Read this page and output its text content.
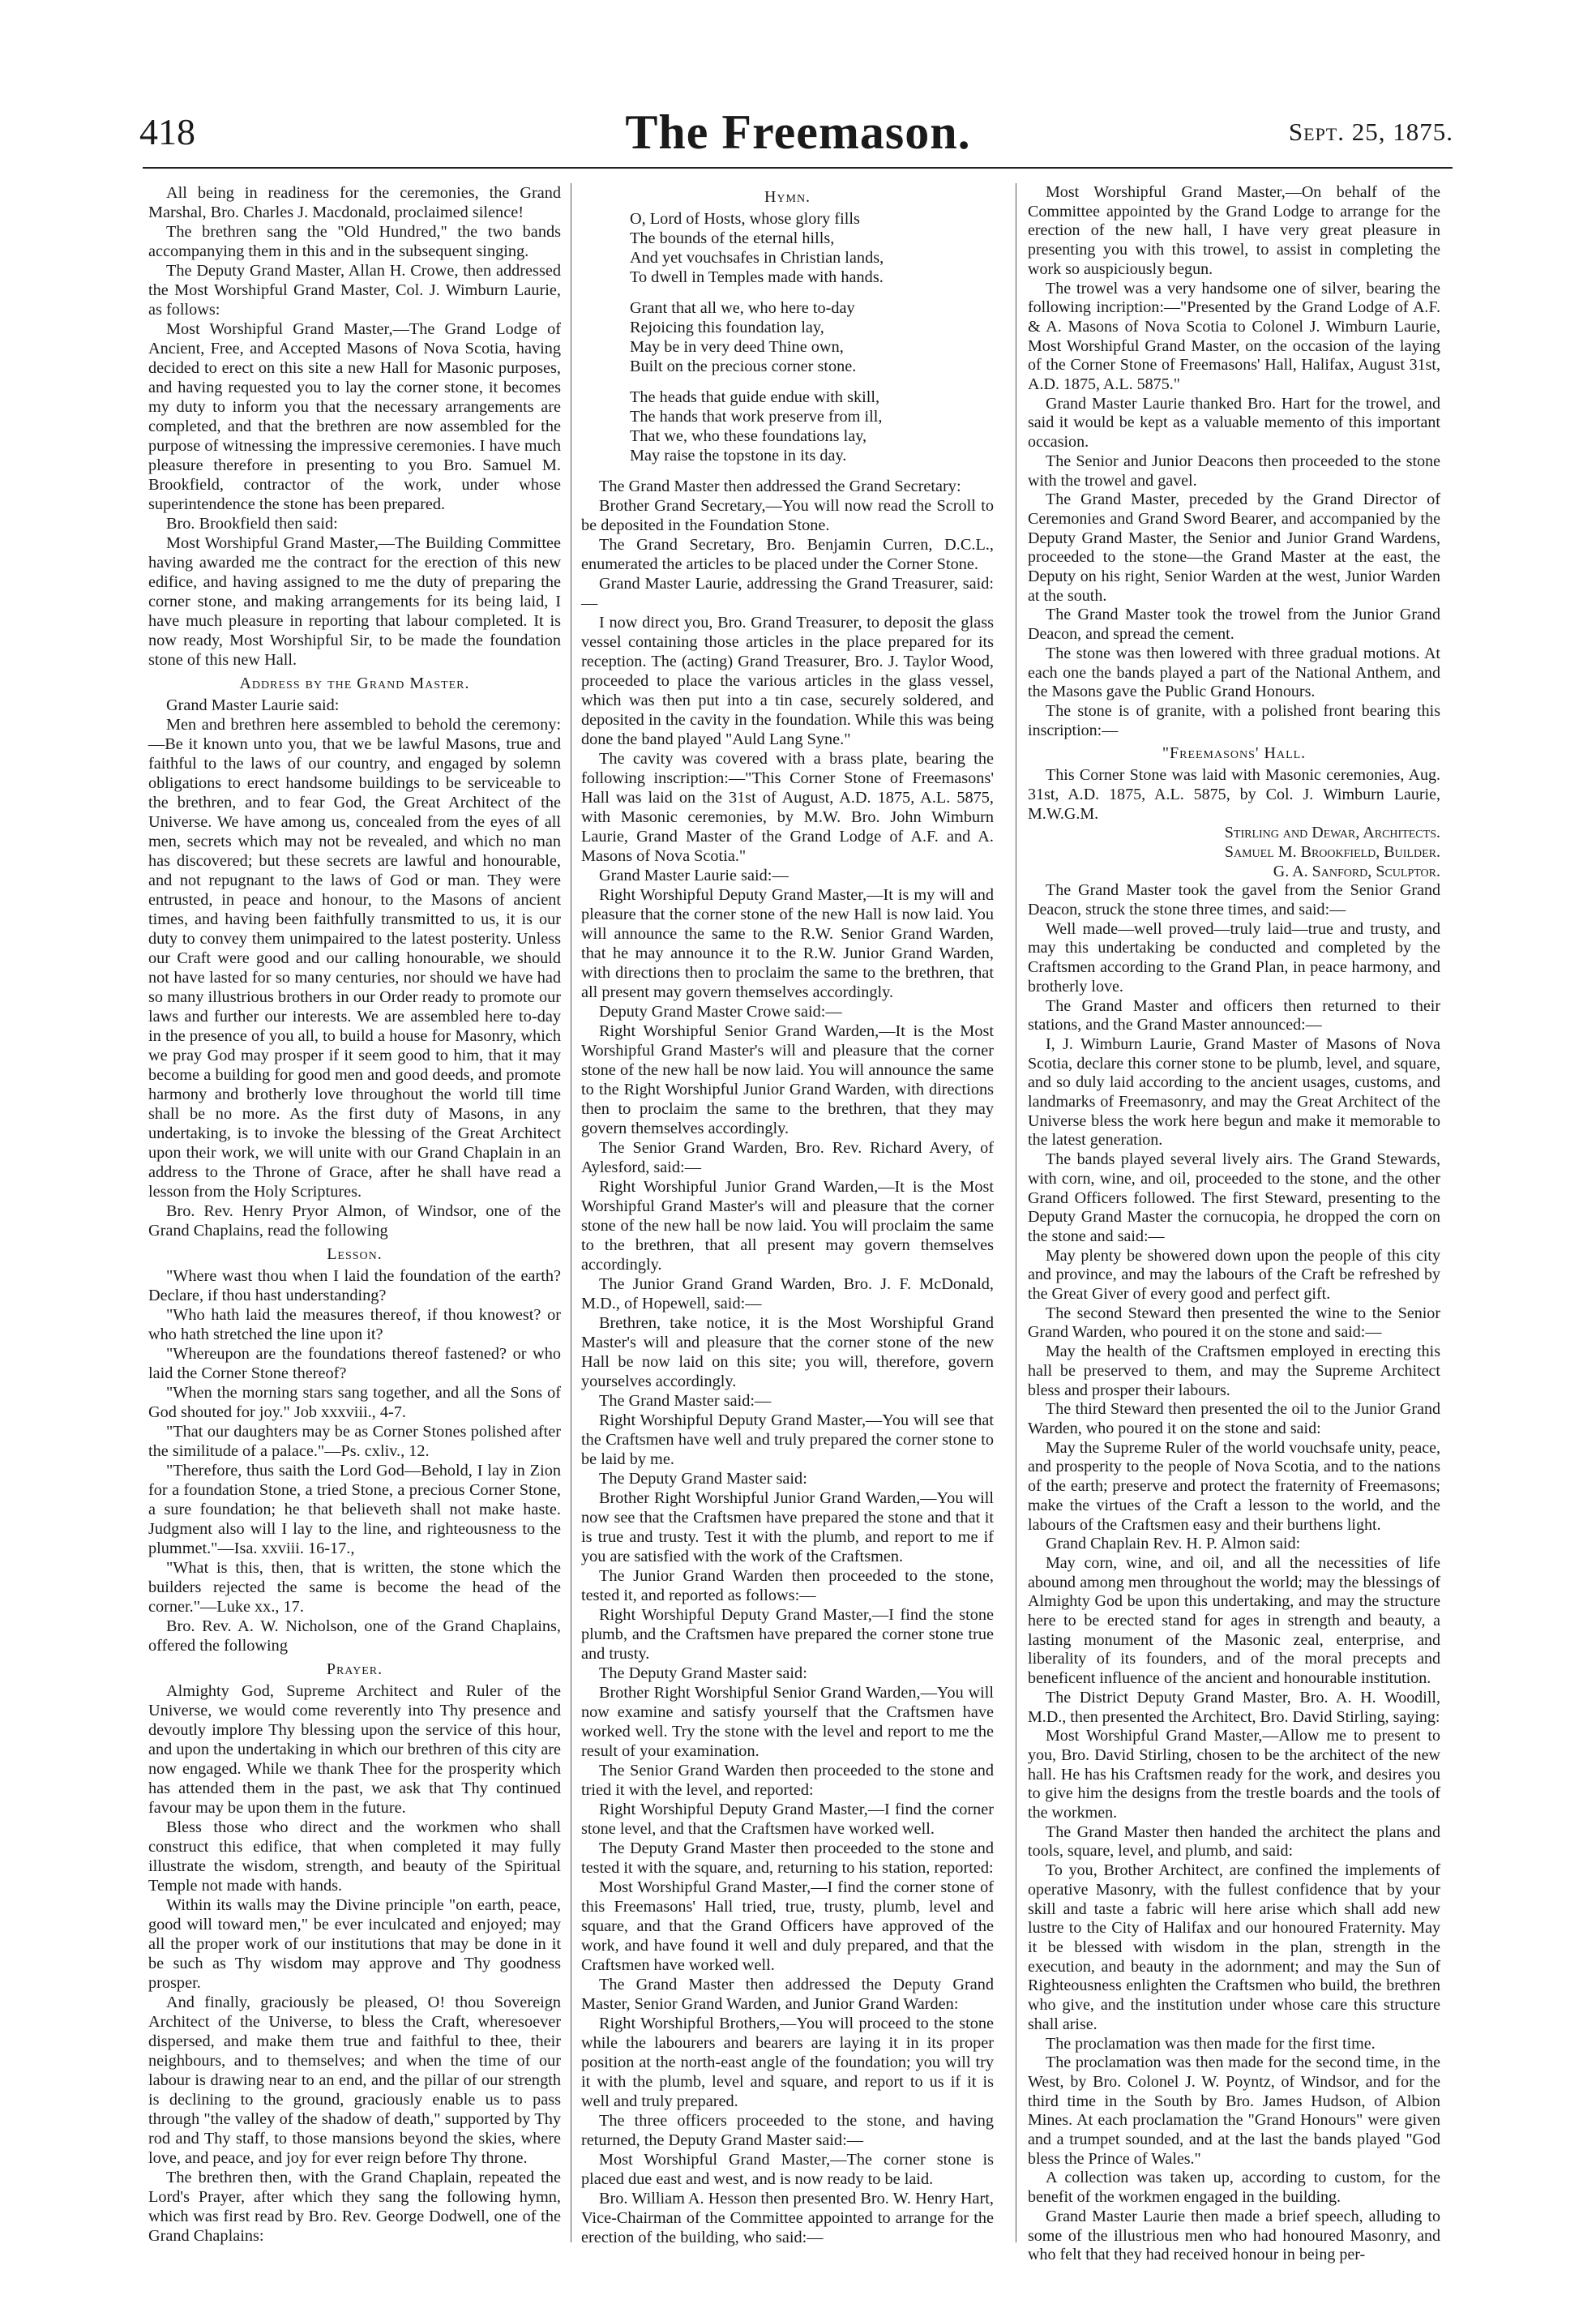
418	The Freemason.	Sept. 25, 1875.

All being in readiness for the ceremonies, the Grand Marshal, Bro. Charles J. Macdonald, proclaimed silence!

The brethren sang the "Old Hundred," the two bands accompanying them in this and in the subsequent singing.

The Deputy Grand Master, Allan H. Crowe, then addressed the Most Worshipful Grand Master, Col. J. Wimburn Laurie, as follows:

Most Worshipful Grand Master,—The Grand Lodge of Ancient, Free, and Accepted Masons of Nova Scotia, having decided to erect on this site a new Hall for Masonic purposes, and having requested you to lay the corner stone, it becomes my duty to inform you that the necessary arrangements are completed, and that the brethren are now assembled for the purpose of witnessing the impressive ceremonies. I have much pleasure therefore in presenting to you Bro. Samuel M. Brookfield, contractor of the work, under whose superintendence the stone has been prepared.

Bro. Brookfield then said:

Most Worshipful Grand Master,—The Building Committee having awarded me the contract for the erection of this new edifice, and having assigned to me the duty of preparing the corner stone, and making arrangements for its being laid, I have much pleasure in reporting that labour completed. It is now ready, Most Worshipful Sir, to be made the foundation stone of this new Hall.

Address by the Grand Master.

Grand Master Laurie said:

Men and brethren here assembled to behold the ceremony:—Be it known unto you, that we be lawful Masons, true and faithful to the laws of our country, and engaged by solemn obligations to erect handsome buildings to be serviceable to the brethren, and to fear God, the Great Architect of the Universe. We have among us, concealed from the eyes of all men, secrets which may not be revealed, and which no man has discovered; but these secrets are lawful and honourable, and not repugnant to the laws of God or man. They were entrusted, in peace and honour, to the Masons of ancient times, and having been faithfully transmitted to us, it is our duty to convey them unimpaired to the latest posterity. Unless our Craft were good and our calling honourable, we should not have lasted for so many centuries, nor should we have had so many illustrious brothers in our Order ready to promote our laws and further our interests. We are assembled here to-day in the presence of you all, to build a house for Masonry, which we pray God may prosper if it seem good to him, that it may become a building for good men and good deeds, and promote harmony and brotherly love throughout the world till time shall be no more. As the first duty of Masons, in any undertaking, is to invoke the blessing of the Great Architect upon their work, we will unite with our Grand Chaplain in an address to the Throne of Grace, after he shall have read a lesson from the Holy Scriptures.

Bro. Rev. Henry Pryor Almon, of Windsor, one of the Grand Chaplains, read the following

Lesson.

"Where wast thou when I laid the foundation of the earth? Declare, if thou hast understanding?

"Who hath laid the measures thereof, if thou knowest? or who hath stretched the line upon it?

"Whereupon are the foundations thereof fastened? or who laid the Corner Stone thereof?

"When the morning stars sang together, and all the Sons of God shouted for joy." Job xxxviii., 4-7.

"That our daughters may be as Corner Stones polished after the similitude of a palace."—Ps. cxliv., 12.

"Therefore, thus saith the Lord God—Behold, I lay in Zion for a foundation Stone, a tried Stone, a precious Corner Stone, a sure foundation; he that believeth shall not make haste. Judgment also will I lay to the line, and righteousness to the plummet."—Isa. xxviii. 16-17.,

"What is this, then, that is written, the stone which the builders rejected the same is become the head of the corner."—Luke xx., 17.

Bro. Rev. A. W. Nicholson, one of the Grand Chaplains, offered the following

Prayer.

Almighty God, Supreme Architect and Ruler of the Universe, we would come reverently into Thy presence and devoutly implore Thy blessing upon the service of this hour, and upon the undertaking in which our brethren of this city are now engaged. While we thank Thee for the prosperity which has attended them in the past, we ask that Thy continued favour may be upon them in the future.

Bless those who direct and the workmen who shall construct this edifice, that when completed it may fully illustrate the wisdom, strength, and beauty of the Spiritual Temple not made with hands.

Within its walls may the Divine principle "on earth, peace, good will toward men," be ever inculcated and enjoyed; may all the proper work of our institutions that may be done in it be such as Thy wisdom may approve and Thy goodness prosper.

And finally, graciously be pleased, O! thou Sovereign Architect of the Universe, to bless the Craft, wheresoever dispersed, and make them true and faithful to thee, their neighbours, and to themselves; and when the time of our labour is drawing near to an end, and the pillar of our strength is declining to the ground, graciously enable us to pass through "the valley of the shadow of death," supported by Thy rod and Thy staff, to those mansions beyond the skies, where love, and peace, and joy for ever reign before Thy throne.

The brethren then, with the Grand Chaplain, repeated the Lord's Prayer, after which they sang the following hymn, which was first read by Bro. Rev. George Dodwell, one of the Grand Chaplains:

Hymn.

O, Lord of Hosts, whose glory fills
The bounds of the eternal hills,
And yet vouchsafes in Christian lands,
To dwell in Temples made with hands.

Grant that all we, who here to-day
Rejoicing this foundation lay,
May be in very deed Thine own,
Built on the precious corner stone.

The heads that guide endue with skill,
The hands that work preserve from ill,
That we, who these foundations lay,
May raise the topstone in its day.

The Grand Master then addressed the Grand Secretary:

Brother Grand Secretary,—You will now read the Scroll to be deposited in the Foundation Stone.

The Grand Secretary, Bro. Benjamin Curren, D.C.L., enumerated the articles to be placed under the Corner Stone.

Grand Master Laurie, addressing the Grand Treasurer, said:—

I now direct you, Bro. Grand Treasurer, to deposit the glass vessel containing those articles in the place prepared for its reception. The (acting) Grand Treasurer, Bro. J. Taylor Wood, proceeded to place the various articles in the glass vessel, which was then put into a tin case, securely soldered, and deposited in the cavity in the foundation. While this was being done the band played "Auld Lang Syne."

The cavity was covered with a brass plate, bearing the following inscription:—"This Corner Stone of Freemasons' Hall was laid on the 31st of August, A.D. 1875, A.L. 5875, with Masonic ceremonies, by M.W. Bro. John Wimburn Laurie, Grand Master of the Grand Lodge of A.F. and A. Masons of Nova Scotia."

Grand Master Laurie said:—

Right Worshipful Deputy Grand Master,—It is my will and pleasure that the corner stone of the new Hall is now laid. You will announce the same to the R.W. Senior Grand Warden, that he may announce it to the R.W. Junior Grand Warden, with directions then to proclaim the same to the brethren, that all present may govern themselves accordingly.

Deputy Grand Master Crowe said:—

Right Worshipful Senior Grand Warden,—It is the Most Worshipful Grand Master's will and pleasure that the corner stone of the new hall be now laid. You will announce the same to the Right Worshipful Junior Grand Warden, with directions then to proclaim the same to the brethren, that they may govern themselves accordingly.

The Senior Grand Warden, Bro. Rev. Richard Avery, of Aylesford, said:—

Right Worshipful Junior Grand Warden,—It is the Most Worshipful Grand Master's will and pleasure that the corner stone of the new hall be now laid. You will proclaim the same to the brethren, that all present may govern themselves accordingly.

The Junior Grand Grand Warden, Bro. J. F. McDonald, M.D., of Hopewell, said:—

Brethren, take notice, it is the Most Worshipful Grand Master's will and pleasure that the corner stone of the new Hall be now laid on this site; you will, therefore, govern yourselves accordingly.

The Grand Master said:—

Right Worshipful Deputy Grand Master,—You will see that the Craftsmen have well and truly prepared the corner stone to be laid by me.

The Deputy Grand Master said:

Brother Right Worshipful Junior Grand Warden,—You will now see that the Craftsmen have prepared the stone and that it is true and trusty. Test it with the plumb, and report to me if you are satisfied with the work of the Craftsmen.

The Junior Grand Warden then proceeded to the stone, tested it, and reported as follows:—

Right Worshipful Deputy Grand Master,—I find the stone plumb, and the Craftsmen have prepared the corner stone true and trusty.

The Deputy Grand Master said:

Brother Right Worshipful Senior Grand Warden,—You will now examine and satisfy yourself that the Craftsmen have worked well. Try the stone with the level and report to me the result of your examination.

The Senior Grand Warden then proceeded to the stone and tried it with the level, and reported:

Right Worshipful Deputy Grand Master,—I find the corner stone level, and that the Craftsmen have worked well.

The Deputy Grand Master then proceeded to the stone and tested it with the square, and, returning to his station, reported:

Most Worshipful Grand Master,—I find the corner stone of this Freemasons' Hall tried, true, trusty, plumb, level and square, and that the Grand Officers have approved of the work, and have found it well and duly prepared, and that the Craftsmen have worked well.

The Grand Master then addressed the Deputy Grand Master, Senior Grand Warden, and Junior Grand Warden:

Right Worshipful Brothers,—You will proceed to the stone while the labourers and bearers are laying it in its proper position at the north-east angle of the foundation; you will try it with the plumb, level and square, and report to us if it is well and truly prepared.

The three officers proceeded to the stone, and having returned, the Deputy Grand Master said:—

Most Worshipful Grand Master,—The corner stone is placed due east and west, and is now ready to be laid.

Bro. William A. Hesson then presented Bro. W. Henry Hart, Vice-Chairman of the Committee appointed to arrange for the erection of the building, who said:—

Most Worshipful Grand Master,—On behalf of the Committee appointed by the Grand Lodge to arrange for the erection of the new hall, I have very great pleasure in presenting you with this trowel, to assist in completing the work so auspiciously begun.

The trowel was a very handsome one of silver, bearing the following incription:—"Presented by the Grand Lodge of A.F. & A. Masons of Nova Scotia to Colonel J. Wimburn Laurie, Most Worshipful Grand Master, on the occasion of the laying of the Corner Stone of Freemasons' Hall, Halifax, August 31st, A.D. 1875, A.L. 5875."

Grand Master Laurie thanked Bro. Hart for the trowel, and said it would be kept as a valuable memento of this important occasion.

The Senior and Junior Deacons then proceeded to the stone with the trowel and gavel.

The Grand Master, preceded by the Grand Director of Ceremonies and Grand Sword Bearer, and accompanied by the Deputy Grand Master, the Senior and Junior Grand Wardens, proceeded to the stone—the Grand Master at the east, the Deputy on his right, Senior Warden at the west, Junior Warden at the south.

The Grand Master took the trowel from the Junior Grand Deacon, and spread the cement.

The stone was then lowered with three gradual motions. At each one the bands played a part of the National Anthem, and the Masons gave the Public Grand Honours.

The stone is of granite, with a polished front bearing this inscription:—

"Freemasons' Hall.

This Corner Stone was laid with Masonic ceremonies, Aug. 31st, A.D. 1875, A.L. 5875, by Col. J. Wimburn Laurie, M.W.G.M.

Stirling and Dewar, Architects.

Samuel M. Brookfield, Builder.

G. A. Sanford, Sculptor.

The Grand Master took the gavel from the Senior Grand Deacon, struck the stone three times, and said:—

Well made—well proved—truly laid—true and trusty, and may this undertaking be conducted and completed by the Craftsmen according to the Grand Plan, in peace harmony, and brotherly love.

The Grand Master and officers then returned to their stations, and the Grand Master announced:—

I, J. Wimburn Laurie, Grand Master of Masons of Nova Scotia, declare this corner stone to be plumb, level, and square, and so duly laid according to the ancient usages, customs, and landmarks of Freemasonry, and may the Great Architect of the Universe bless the work here begun and make it memorable to the latest generation.

The bands played several lively airs. The Grand Stewards, with corn, wine, and oil, proceeded to the stone, and the other Grand Officers followed. The first Steward, presenting to the Deputy Grand Master the cornucopia, he dropped the corn on the stone and said:—

May plenty be showered down upon the people of this city and province, and may the labours of the Craft be refreshed by the Great Giver of every good and perfect gift.

The second Steward then presented the wine to the Senior Grand Warden, who poured it on the stone and said:—

May the health of the Craftsmen employed in erecting this hall be preserved to them, and may the Supreme Architect bless and prosper their labours.

The third Steward then presented the oil to the Junior Grand Warden, who poured it on the stone and said:

May the Supreme Ruler of the world vouchsafe unity, peace, and prosperity to the people of Nova Scotia, and to the nations of the earth; preserve and protect the fraternity of Freemasons; make the virtues of the Craft a lesson to the world, and the labours of the Craftsmen easy and their burthens light.

Grand Chaplain Rev. H. P. Almon said:

May corn, wine, and oil, and all the necessities of life abound among men throughout the world; may the blessings of Almighty God be upon this undertaking, and may the structure here to be erected stand for ages in strength and beauty, a lasting monument of the Masonic zeal, enterprise, and liberality of its founders, and of the moral precepts and beneficent influence of the ancient and honourable institution.

The District Deputy Grand Master, Bro. A. H. Woodill, M.D., then presented the Architect, Bro. David Stirling, saying:

Most Worshipful Grand Master,—Allow me to present to you, Bro. David Stirling, chosen to be the architect of the new hall. He has his Craftsmen ready for the work, and desires you to give him the designs from the trestle boards and the tools of the workmen.

The Grand Master then handed the architect the plans and tools, square, level, and plumb, and said:

To you, Brother Architect, are confined the implements of operative Masonry, with the fullest confidence that by your skill and taste a fabric will here arise which shall add new lustre to the City of Halifax and our honoured Fraternity. May it be blessed with wisdom in the plan, strength in the execution, and beauty in the adornment; and may the Sun of Righteousness enlighten the Craftsmen who build, the brethren who give, and the institution under whose care this structure shall arise.

The proclamation was then made for the first time.

The proclamation was then made for the second time, in the West, by Bro. Colonel J. W. Poyntz, of Windsor, and for the third time in the South by Bro. James Hudson, of Albion Mines. At each proclamation the "Grand Honours" were given and a trumpet sounded, and at the last the bands played "God bless the Prince of Wales."

A collection was taken up, according to custom, for the benefit of the workmen engaged in the building.

Grand Master Laurie then made a brief speech, alluding to some of the illustrious men who had honoured Masonry, and who felt that they had received honour in being per-
